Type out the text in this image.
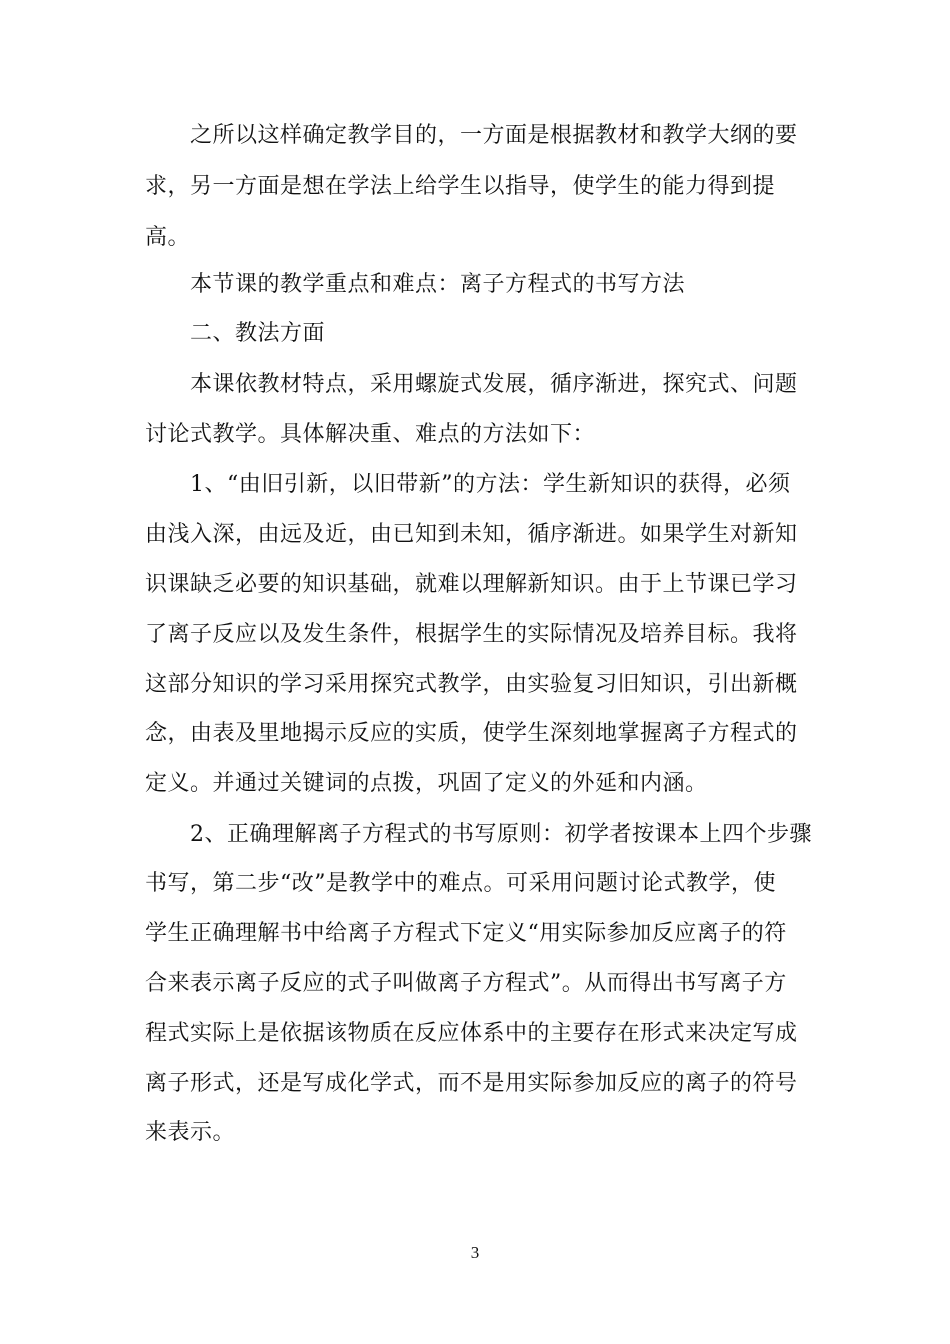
之所以这样确定教学目的，一方面是根据教材和教学大纲的要
求，另一方面是想在学法上给学生以指导，使学生的能力得到提
高。
本节课的教学重点和难点：离子方程式的书写方法
二、教法方面
本课依教材特点，采用螺旋式发展，循序渐进，探究式、问题
讨论式教学。具体解决重、难点的方法如下：
1、“由旧引新，以旧带新”的方法：学生新知识的获得，必须
由浅入深，由远及近，由已知到未知，循序渐进。如果学生对新知
识课缺乏必要的知识基础，就难以理解新知识。由于上节课已学习
了离子反应以及发生条件，根据学生的实际情况及培养目标。我将
这部分知识的学习采用探究式教学，由实验复习旧知识，引出新概
念，由表及里地揭示反应的实质，使学生深刻地掌握离子方程式的
定义。并通过关键词的点拨，巩固了定义的外延和内涵。
2、正确理解离子方程式的书写原则：初学者按课本上四个步骤
书写，第二步“改”是教学中的难点。可采用问题讨论式教学，使
学生正确理解书中给离子方程式下定义“用实际参加反应离子的符
合来表示离子反应的式子叫做离子方程式”。从而得出书写离子方
程式实际上是依据该物质在反应体系中的主要存在形式来决定写成
离子形式，还是写成化学式，而不是用实际参加反应的离子的符号
来表示。
3
